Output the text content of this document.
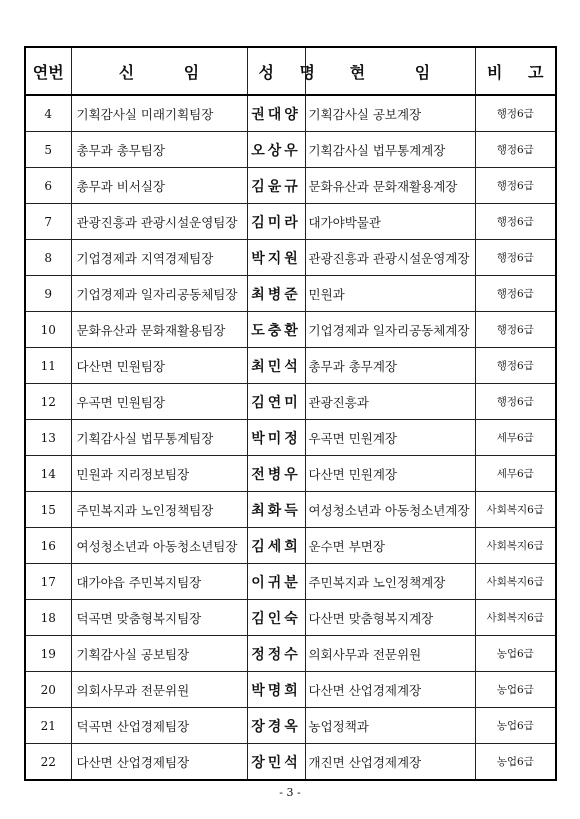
연번	신 임	성 명	현 임	비 고
4	기획감사실 미래기획팀장	권대양	기획감사실 공보계장	행정6급
5	총무과 총무팀장	오상우	기획감사실 법무통계계장	행정6급
6	총무과 비서실장	김윤규	문화유산과 문화재활용계장	행정6급
7	관광진흥과 관광시설운영팀장	김미라	대가야박물관	행정6급
8	기업경제과 지역경제팀장	박지원	관광진흥과 관광시설운영계장	행정6급
9	기업경제과 일자리공동체팀장	최병준	민원과	행정6급
10	문화유산과 문화재활용팀장	도충환	기업경제과 일자리공동체계장	행정6급
11	다산면 민원팀장	최민석	총무과 총무계장	행정6급
12	우곡면 민원팀장	김연미	관광진흥과	행정6급
13	기획감사실 법무통계팀장	박미정	우곡면 민원계장	세무6급
14	민원과 지리정보팀장	전병우	다산면 민원계장	세무6급
15	주민복지과 노인정책팀장	최화득	여성청소년과 아동청소년계장	사회복지6급
16	여성청소년과 아동청소년팀장	김세희	운수면 부면장	사회복지6급
17	대가야읍 주민복지팀장	이귀분	주민복지과 노인정책계장	사회복지6급
18	덕곡면 맞춤형복지팀장	김인숙	다산면 맞춤형복지계장	사회복지6급
19	기획감사실 공보팀장	정정수	의회사무과 전문위원	농업6급
20	의회사무과 전문위원	박명희	다산면 산업경제계장	농업6급
21	덕곡면 산업경제팀장	장경옥	농업정책과	농업6급
22	다산면 산업경제팀장	장민석	개진면 산업경제계장	농업6급
- 3 -
